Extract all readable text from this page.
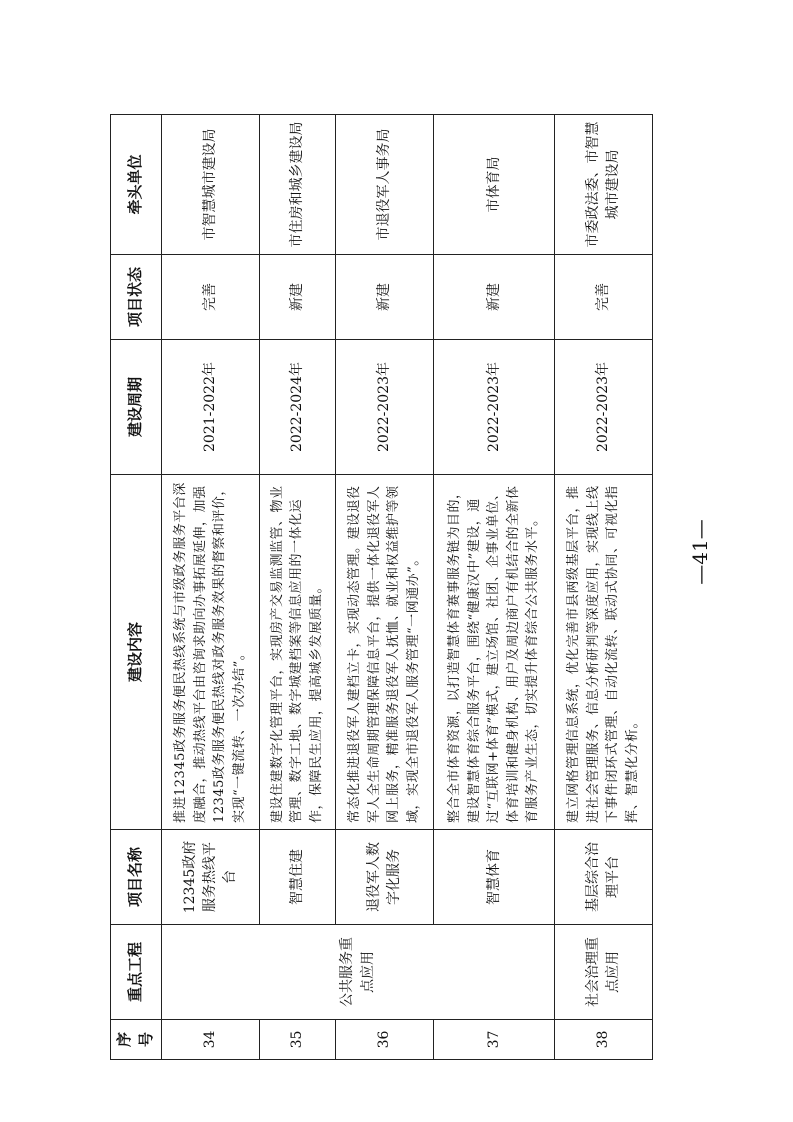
序号	重点工程	项目名称	建设内容	建设周期	项目状态	牵头单位
34	公共服务重点应用	12345政府服务热线平台	推进12345政务服务便民热线系统与市级政务服务平台深度融合，推动热线平台由咨询求助向办事拓展延伸，加强12345政务服务便民热线对政务服务效果的督察和评价，实现“一键流转、一次办结”。	2021-2022年	完善	市智慧城市建设局
35		智慧住建	建设住建数字化管理平台，实现房产交易监测监管、物业管理、数字工地、数字城建档案等信息应用的一体化运作，保障民生应用，提高城乡发展质量。	2022-2024年	新建	市住房和城乡建设局
36		退役军人数字化服务	常态化推进退役军人建档立卡，实现动态管理。建设退役军人全生命周期管理保障信息平台，提供一体化退役军人网上服务，精准服务退役军人抚恤、就业和权益维护等领域，实现全市退役军人服务管理“一网通办”。	2022-2023年	新建	市退役军人事务局
37		智慧体育	整合全市体育资源，以打造智慧体育赛事服务链为目的，建设智慧体育综合服务平台，围绕“健康汉中”建设，通过“互联网+体育”模式，建立场馆、社团、企事业单位、体育培训和健身机构、用户及周边商户有机结合的全新体育服务产业生态，切实提升体育综合公共服务水平。	2022-2023年	新建	市体育局
38	社会治理重点应用	基层综合治理平台	建立网格管理信息系统，优化完善市县两级基层平台，推进社会管理服务、信息分析研判等深度应用，实现线上线下事件闭环式管理、自动化流转、联动式协同、可视化指挥、智慧化分析。	2022-2023年	完善	市委政法委、市智慧城市建设局
—41—
